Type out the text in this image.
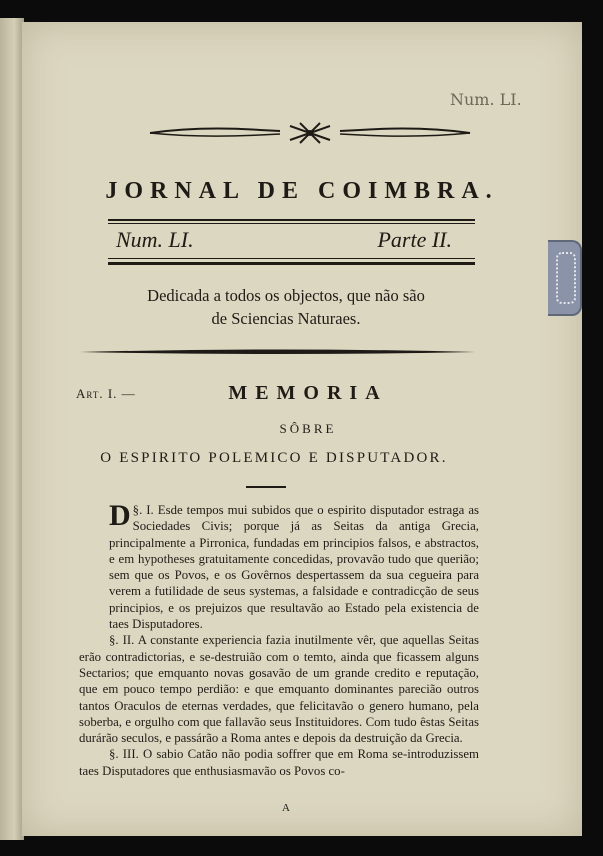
Num. LI.
JORNAL DE COIMBRA.
Num. LI.	Parte II.
Dedicada a todos os objectos, que não são
de Sciencias Naturaes.
Art. I. —	MEMORIA
SÔBRE
O ESPIRITO POLEMICO E DISPUTADOR.

§. I.
D Esde tempos mui subidos que o espirito disputador estraga as Sociedades Civis; porque já as Seitas da antiga Grecia, principalmente a Pirronica, fundadas em principios falsos, e abstractos, e em hypotheses gratuitamente concedidas, provavão tudo que querião; sem que os Povos, e os Govêrnos despertassem da sua cegueira para verem a futilidade de seus systemas, a falsidade e contradicção de seus principios, e os prejuizos que resultavão ao Estado pela existencia de taes Disputadores.

§. II. A constante experiencia fazia inutilmente vêr, que aquellas Seitas erão contradictorias, e se-destruião com o temto, ainda que ficassem alguns Sectarios; que emquanto novas gosavão de um grande credito e reputação, que em pouco tempo perdião: e que emquanto dominantes parecião outros tantos Oraculos de eternas verdades, que felicitavão o genero humano, pela soberba, e orgulho com que fallavão seus Instituidores. Com tudo êstas Seitas durárão seculos, e passárão a Roma antes e depois da destruição da Grecia.

§. III. O sabio Catão não podia soffrer que em Roma se-introduzissem taes Disputadores que enthusiasmavão os Povos co-

A
